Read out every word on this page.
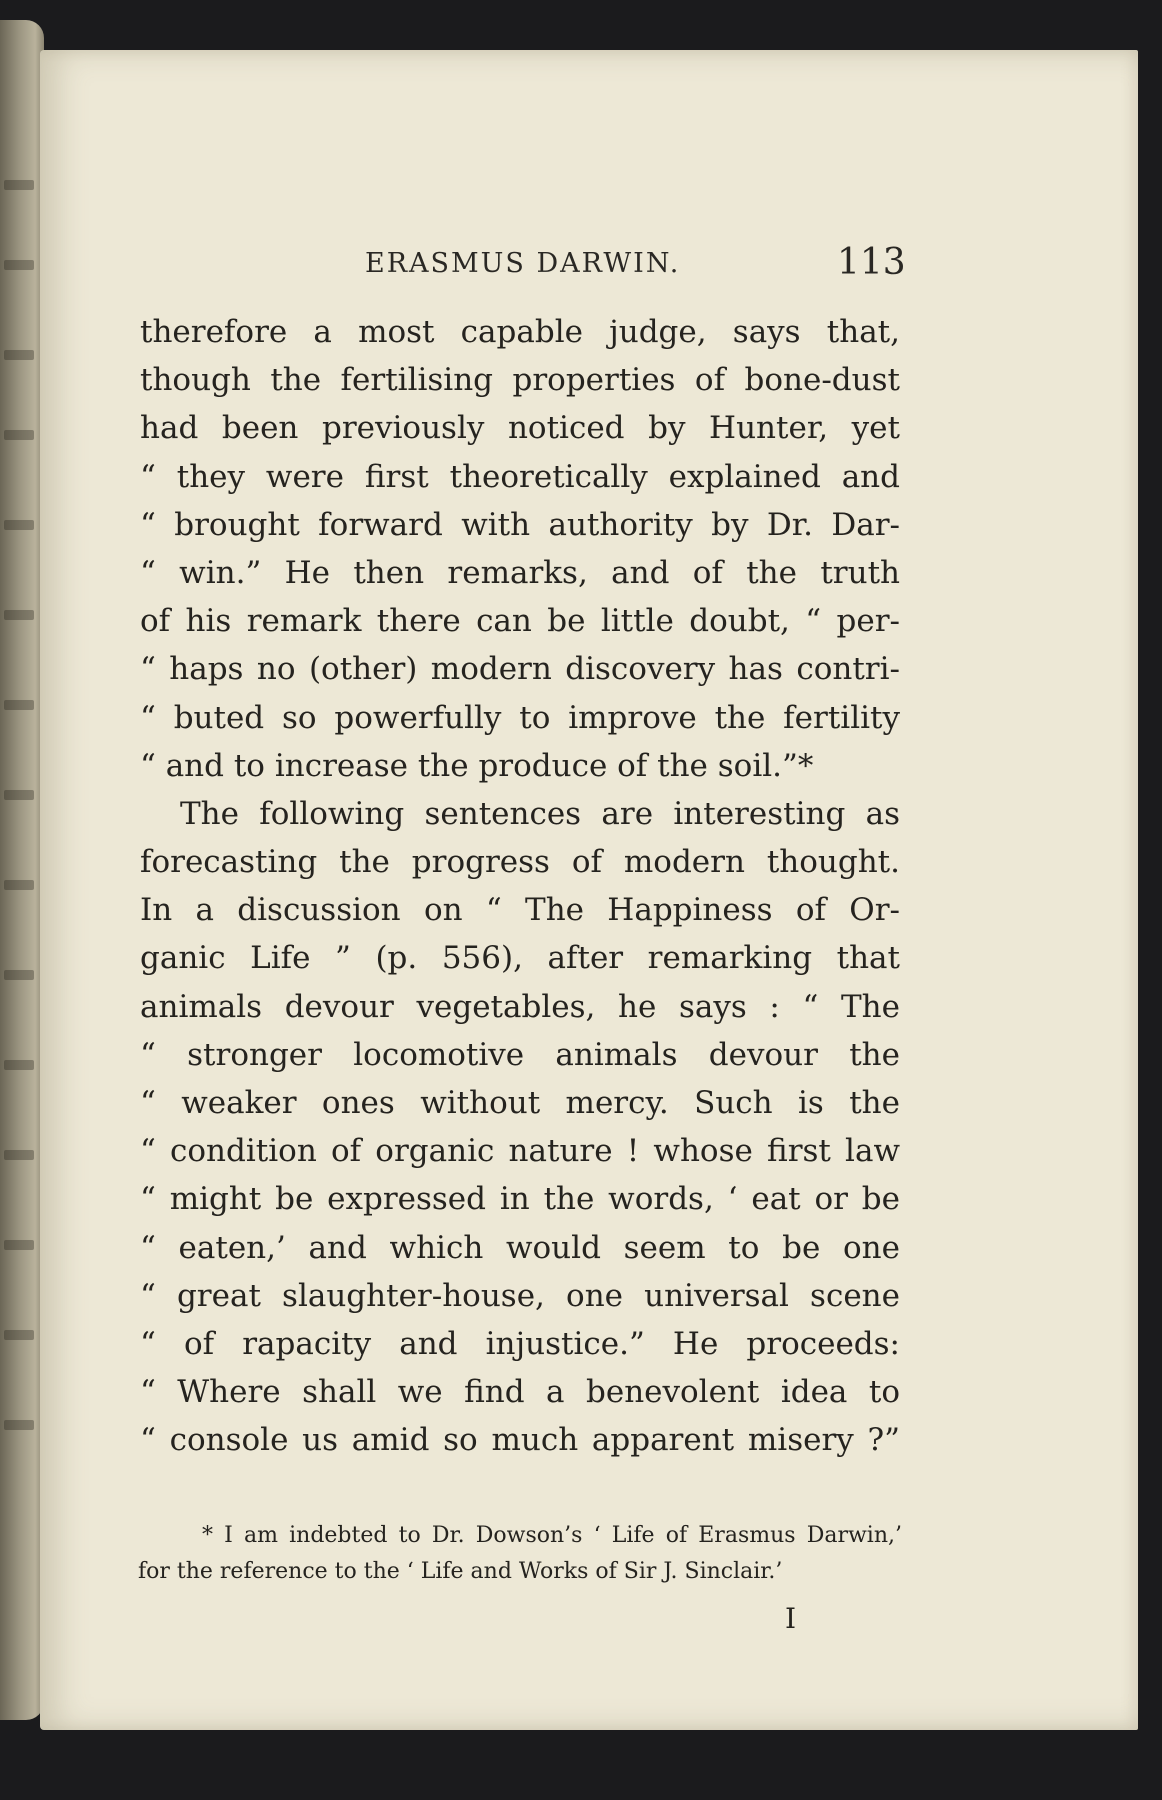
ERASMUS DARWIN.	113
therefore a most capable judge, says that,
though the fertilising properties of bone-dust
had been previously noticed by Hunter, yet
“ they were first theoretically explained and
“ brought forward with authority by Dr. Dar-
“ win.” He then remarks, and of the truth
of his remark there can be little doubt, “ per-
“ haps no (other) modern discovery has contri-
“ buted so powerfully to improve the fertility
“ and to increase the produce of the soil.”*
The following sentences are interesting as
forecasting the progress of modern thought.
In a discussion on “ The Happiness of Or-
ganic Life ” (p. 556), after remarking that
animals devour vegetables, he says : “ The
“ stronger locomotive animals devour the
“ weaker ones without mercy. Such is the
“ condition of organic nature ! whose first law
“ might be expressed in the words, ‘ eat or be
“ eaten,’ and which would seem to be one
“ great slaughter-house, one universal scene
“ of rapacity and injustice.” He proceeds:
“ Where shall we find a benevolent idea to
“ console us amid so much apparent misery ?”
* I am indebted to Dr. Dowson’s ‘ Life of Erasmus Darwin,’
for the reference to the ‘ Life and Works of Sir J. Sinclair.’
I
